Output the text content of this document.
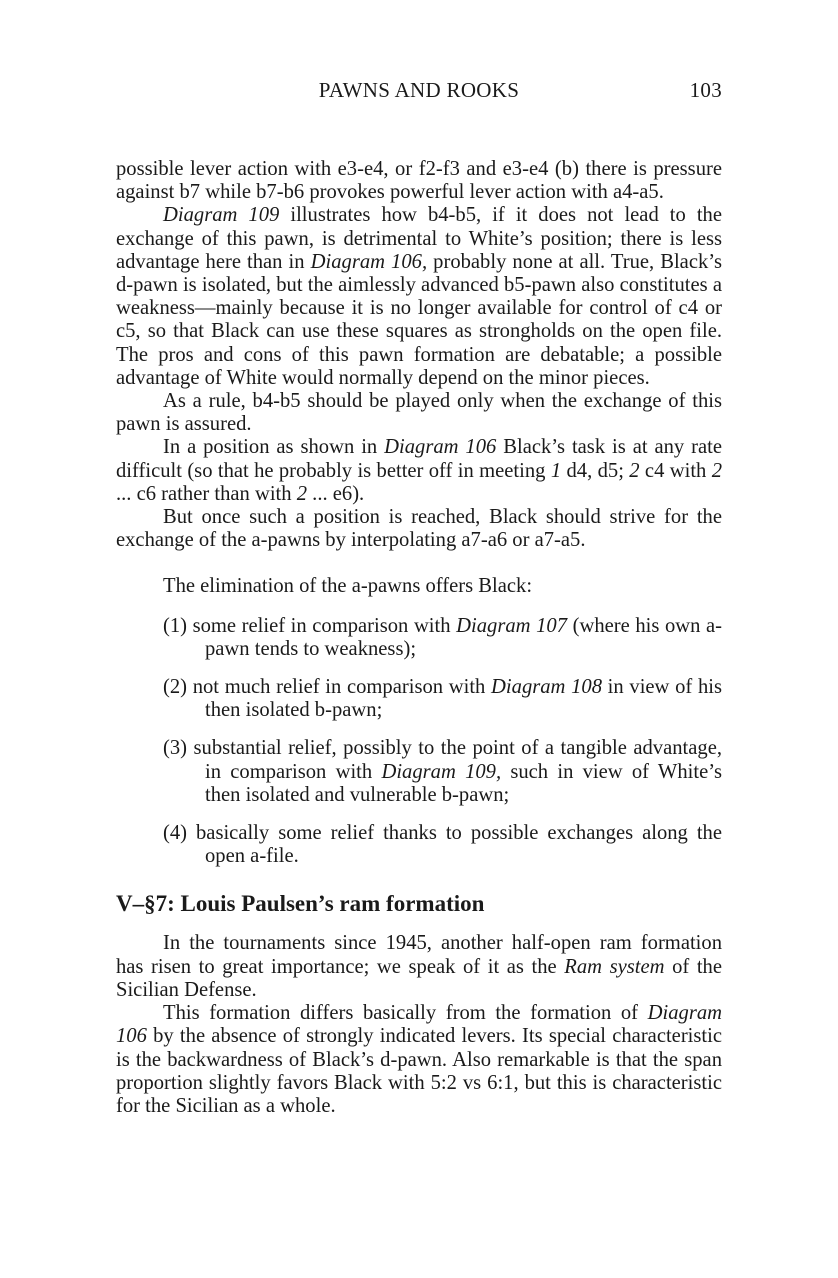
PAWNS AND ROOKS	103

possible lever action with e3-e4, or f2-f3 and e3-e4 (b) there is pressure against b7 while b7-b6 provokes powerful lever action with a4-a5.

Diagram 109 illustrates how b4-b5, if it does not lead to the exchange of this pawn, is detrimental to White’s position; there is less advantage here than in Diagram 106, probably none at all. True, Black’s d-pawn is isolated, but the aimlessly advanced b5-pawn also constitutes a weakness—mainly because it is no longer available for control of c4 or c5, so that Black can use these squares as strongholds on the open file. The pros and cons of this pawn formation are debatable; a possible advantage of White would normally depend on the minor pieces.

As a rule, b4-b5 should be played only when the exchange of this pawn is assured.

In a position as shown in Diagram 106 Black’s task is at any rate difficult (so that he probably is better off in meeting 1 d4, d5; 2 c4 with 2 ... c6 rather than with 2 ... e6).

But once such a position is reached, Black should strive for the exchange of the a-pawns by interpolating a7-a6 or a7-a5.

The elimination of the a-pawns offers Black:

(1) some relief in comparison with Diagram 107 (where his own a-pawn tends to weakness);

(2) not much relief in comparison with Diagram 108 in view of his then isolated b-pawn;

(3) substantial relief, possibly to the point of a tangible advantage, in comparison with Diagram 109, such in view of White’s then isolated and vulnerable b-pawn;

(4) basically some relief thanks to possible exchanges along the open a-file.

V–§7: Louis Paulsen’s ram formation

In the tournaments since 1945, another half-open ram formation has risen to great importance; we speak of it as the Ram system of the Sicilian Defense.

This formation differs basically from the formation of Diagram 106 by the absence of strongly indicated levers. Its special characteristic is the backwardness of Black’s d-pawn. Also remarkable is that the span proportion slightly favors Black with 5:2 vs 6:1, but this is characteristic for the Sicilian as a whole.
